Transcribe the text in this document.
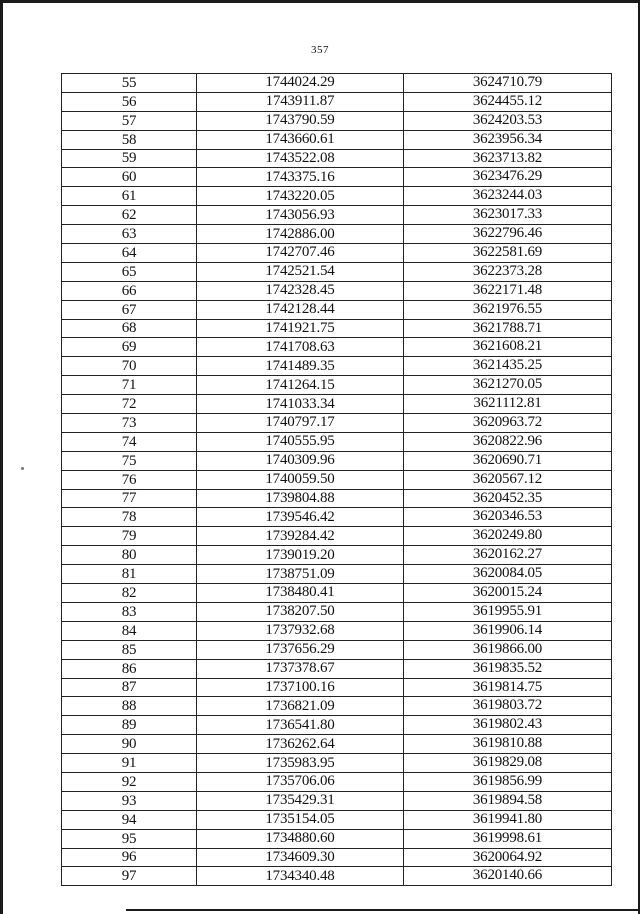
357
55	1744024.29	3624710.79
56	1743911.87	3624455.12
57	1743790.59	3624203.53
58	1743660.61	3623956.34
59	1743522.08	3623713.82
60	1743375.16	3623476.29
61	1743220.05	3623244.03
62	1743056.93	3623017.33
63	1742886.00	3622796.46
64	1742707.46	3622581.69
65	1742521.54	3622373.28
66	1742328.45	3622171.48
67	1742128.44	3621976.55
68	1741921.75	3621788.71
69	1741708.63	3621608.21
70	1741489.35	3621435.25
71	1741264.15	3621270.05
72	1741033.34	3621112.81
73	1740797.17	3620963.72
74	1740555.95	3620822.96
75	1740309.96	3620690.71
76	1740059.50	3620567.12
77	1739804.88	3620452.35
78	1739546.42	3620346.53
79	1739284.42	3620249.80
80	1739019.20	3620162.27
81	1738751.09	3620084.05
82	1738480.41	3620015.24
83	1738207.50	3619955.91
84	1737932.68	3619906.14
85	1737656.29	3619866.00
86	1737378.67	3619835.52
87	1737100.16	3619814.75
88	1736821.09	3619803.72
89	1736541.80	3619802.43
90	1736262.64	3619810.88
91	1735983.95	3619829.08
92	1735706.06	3619856.99
93	1735429.31	3619894.58
94	1735154.05	3619941.80
95	1734880.60	3619998.61
96	1734609.30	3620064.92
97	1734340.48	3620140.66
